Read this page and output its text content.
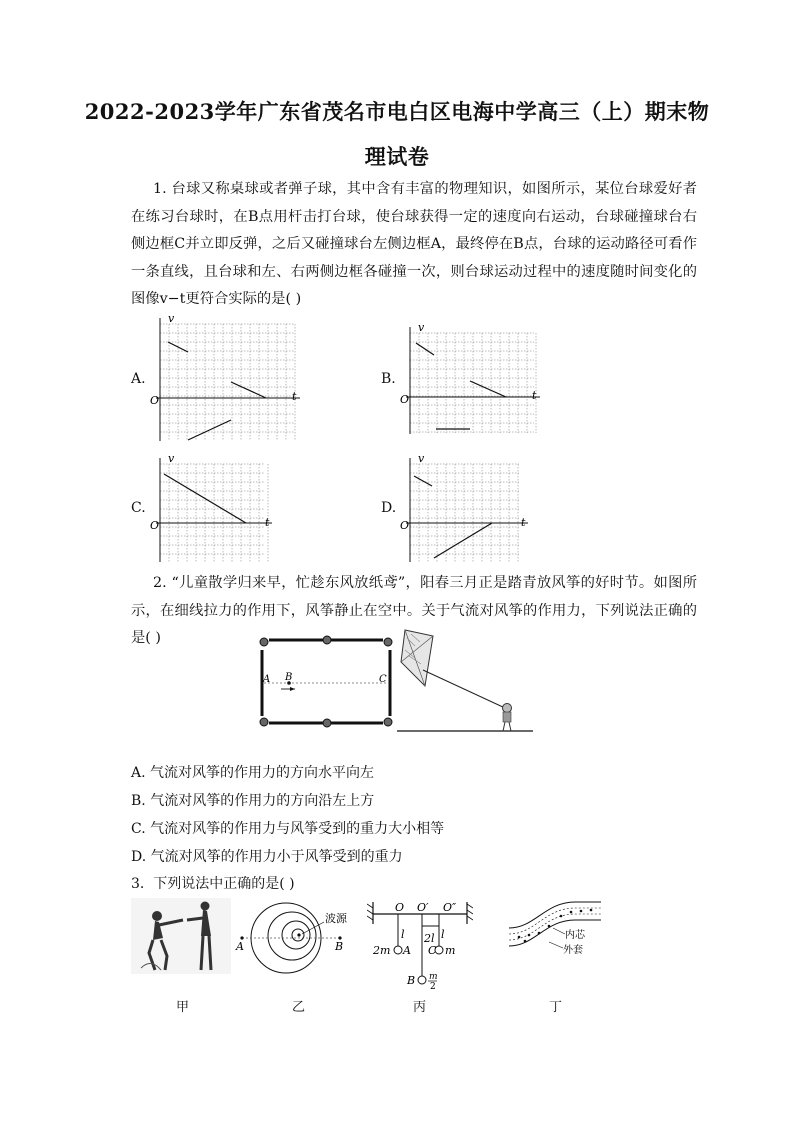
2022-2023学年广东省茂名市电白区电海中学高三（上）期末物
理试卷
1. 台球又称桌球或者弹子球，其中含有丰富的物理知识，如图所示，某位台球爱好者在练习台球时，在B点用杆击打台球，使台球获得一定的速度向右运动，台球碰撞球台右侧边框C并立即反弹，之后又碰撞球台左侧边框A，最终停在B点，台球的运动路径可看作一条直线，且台球和左、右两侧边框各碰撞一次，则台球运动过程中的速度随时间变化的图像v−t更符合实际的是( )
A.	B.
C.	D.
v
t
O
v
t
O
v
t
O
v
t
O
2. “儿童散学归来早，忙趁东风放纸鸢”，阳春三月正是踏青放风筝的好时节。如图所示，在细线拉力的作用下，风筝静止在空中。关于气流对风筝的作用力，下列说法正确的是( )
A B	C
A. 气流对风筝的作用力的方向水平向左
B. 气流对风筝的作用力的方向沿左上方
C. 气流对风筝的作用力与风筝受到的重力大小相等
D. 气流对风筝的作用力小于风筝受到的重力
3. 下列说法中正确的是( )
波源
A	B
O O′ O″
l 2l l
2m A C m
B m
2
内芯
外套
甲	乙	丙	丁
